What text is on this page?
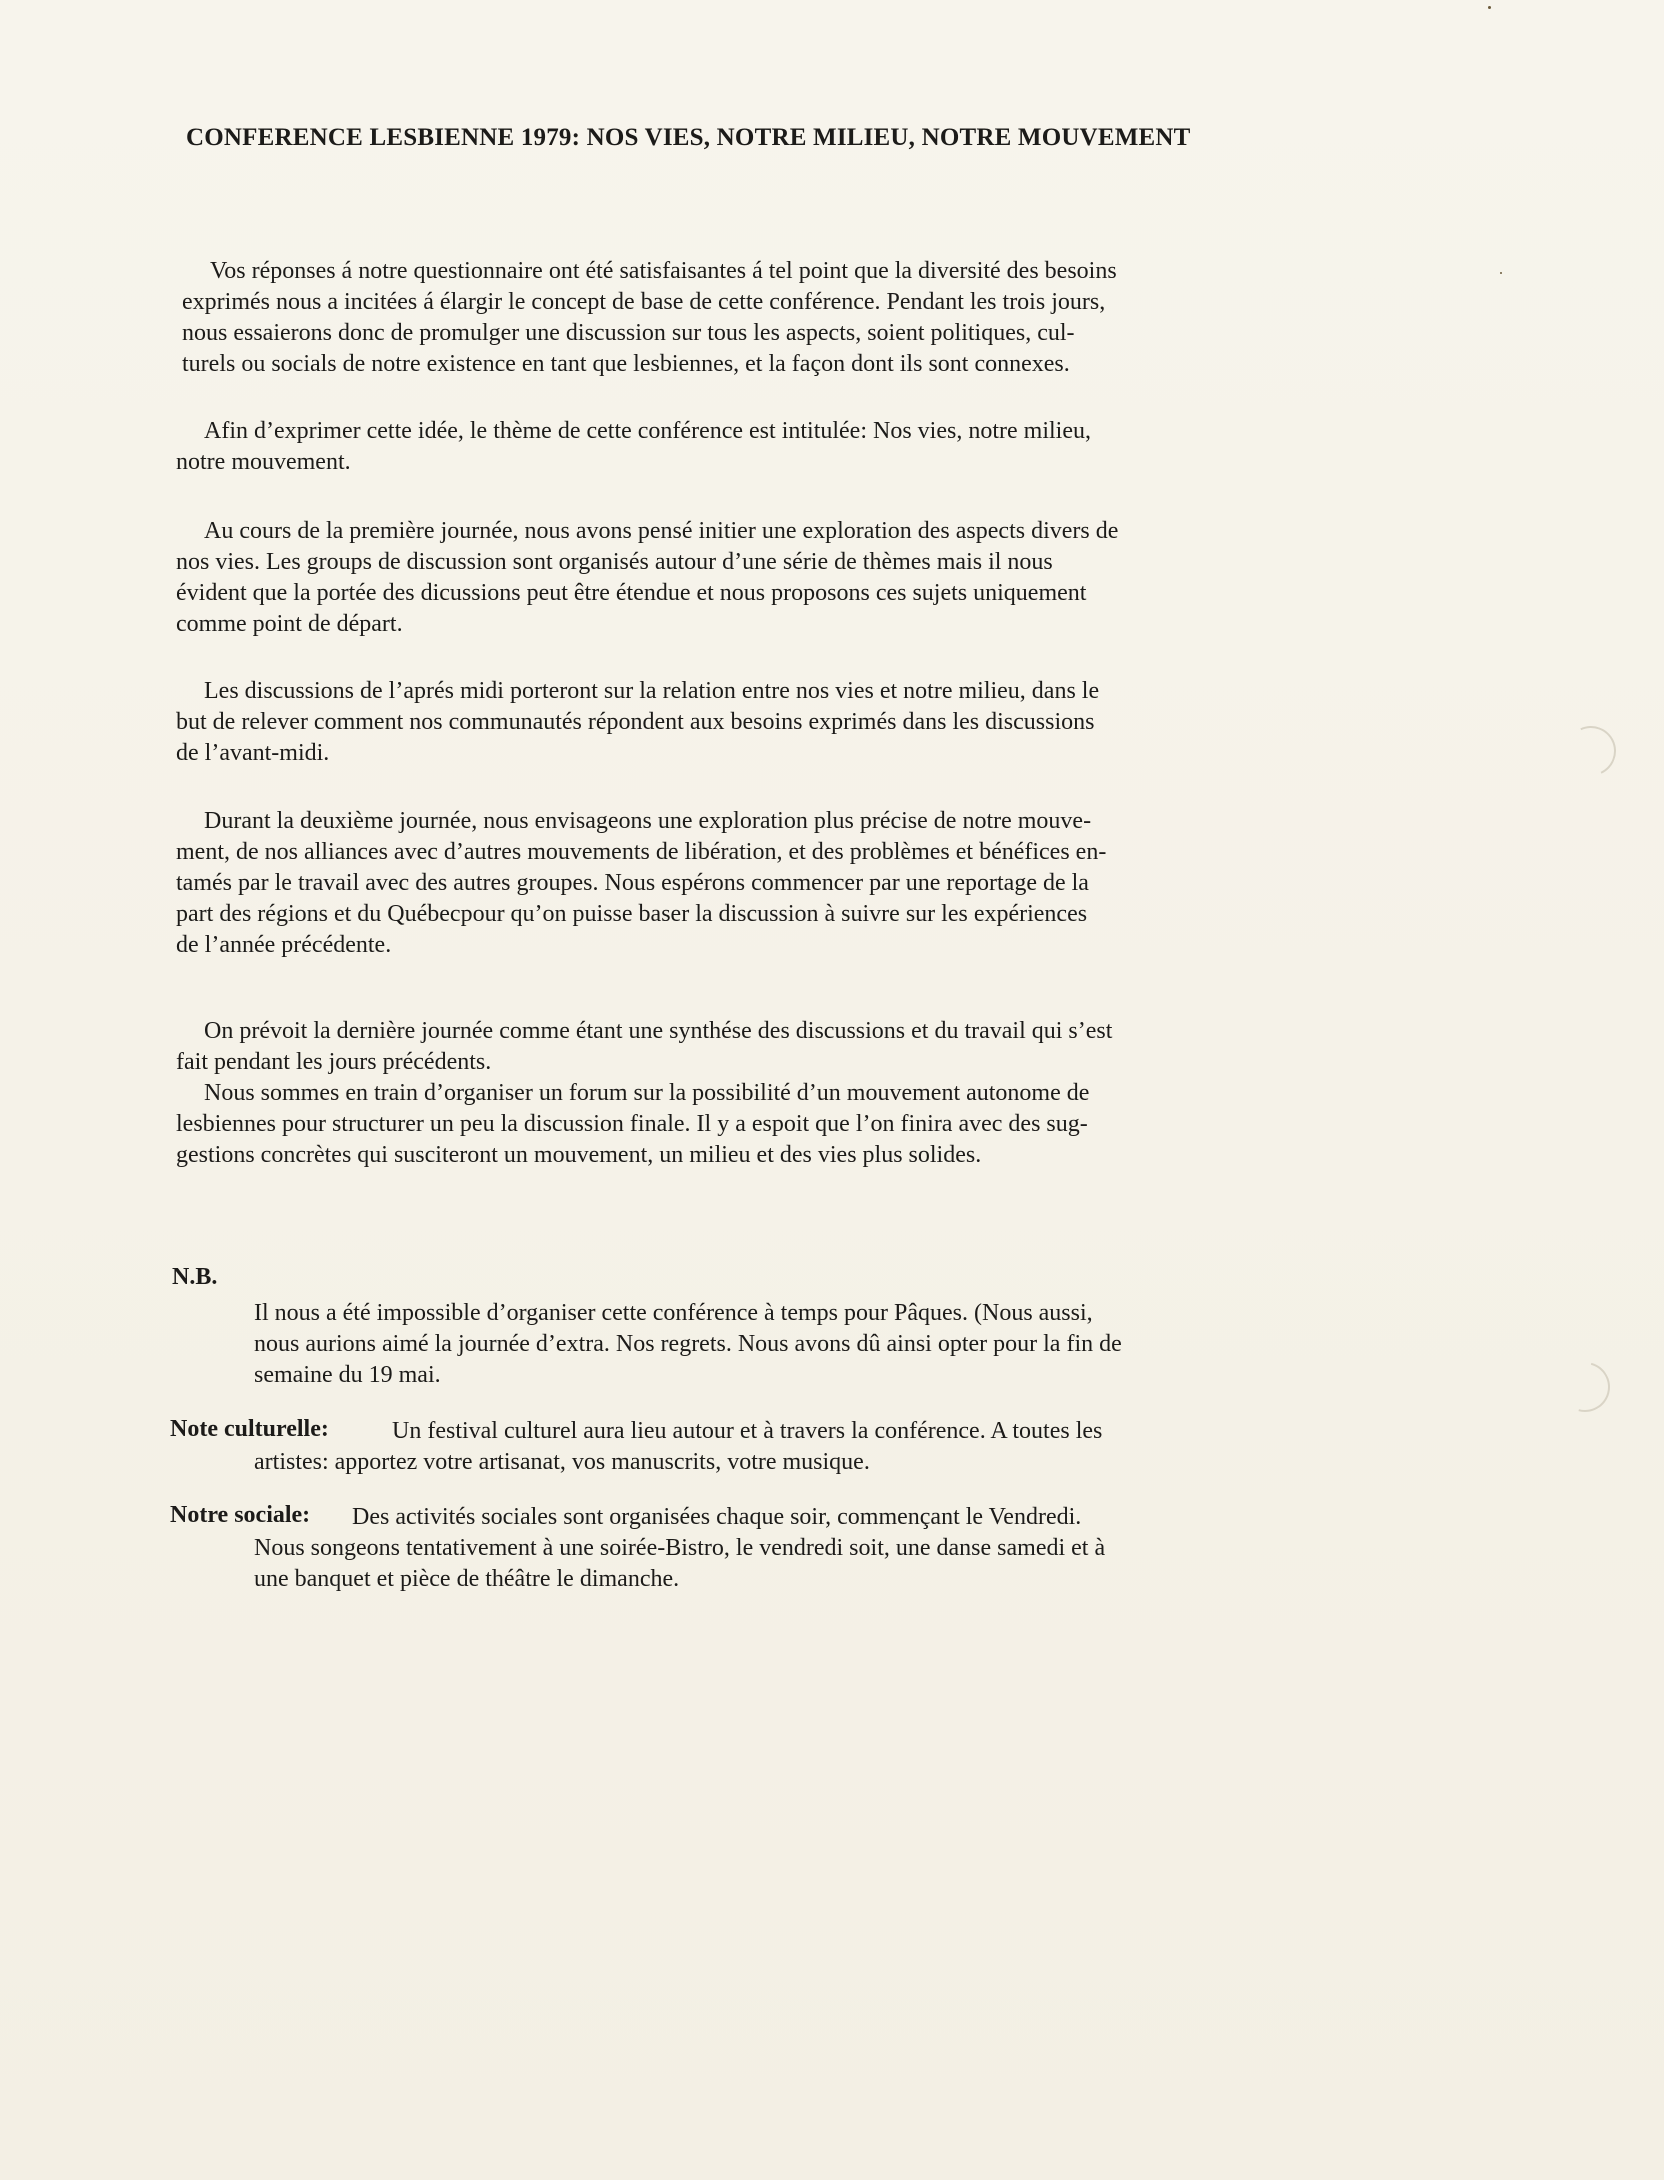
CONFERENCE LESBIENNE 1979: NOS VIES, NOTRE MILIEU, NOTRE MOUVEMENT
Vos réponses á notre questionnaire ont été satisfaisantes á tel point que la diversité des besoins
exprimés nous a incitées á élargir le concept de base de cette conférence. Pendant les trois jours,
nous essaierons donc de promulger une discussion sur tous les aspects, soient politiques, cul-
turels ou socials de notre existence en tant que lesbiennes, et la façon dont ils sont connexes.
Afin d’exprimer cette idée, le thème de cette conférence est intitulée: Nos vies, notre milieu,
notre mouvement.
Au cours de la première journée, nous avons pensé initier une exploration des aspects divers de
nos vies. Les groups de discussion sont organisés autour d’une série de thèmes mais il nous
évident que la portée des dicussions peut être étendue et nous proposons ces sujets uniquement
comme point de départ.
Les discussions de l’aprés midi porteront sur la relation entre nos vies et notre milieu, dans le
but de relever comment nos communautés répondent aux besoins exprimés dans les discussions
de l’avant-midi.
Durant la deuxième journée, nous envisageons une exploration plus précise de notre mouve-
ment, de nos alliances avec d’autres mouvements de libération, et des problèmes et bénéfices en-
tamés par le travail avec des autres groupes. Nous espérons commencer par une reportage de la
part des régions et du Québecpour qu’on puisse baser la discussion à suivre sur les expériences
de l’année précédente.
On prévoit la dernière journée comme étant une synthése des discussions et du travail qui s’est
fait pendant les jours précédents.
Nous sommes en train d’organiser un forum sur la possibilité d’un mouvement autonome de
lesbiennes pour structurer un peu la discussion finale. Il y a espoit que l’on finira avec des sug-
gestions concrètes qui susciteront un mouvement, un milieu et des vies plus solides.
N.B.
Il nous a été impossible d’organiser cette conférence à temps pour Pâques. (Nous aussi,
nous aurions aimé la journée d’extra. Nos regrets. Nous avons dû ainsi opter pour la fin de
semaine du 19 mai.
Note culturelle:	Un festival culturel aura lieu autour et à travers la conférence. A toutes les
artistes: apportez votre artisanat, vos manuscrits, votre musique.
Notre sociale: Des activités sociales sont organisées chaque soir, commençant le Vendredi.
Nous songeons tentativement à une soirée-Bistro, le vendredi soit, une danse samedi et à
une banquet et pièce de théâtre le dimanche.
